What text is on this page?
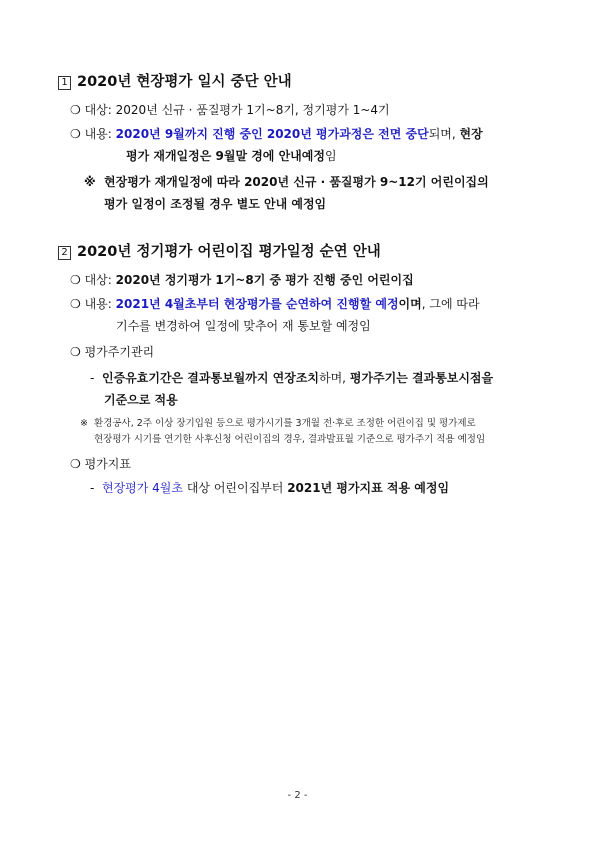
1 2020년 현장평가 일시 중단 안내
❍ 대상: 2020년 신규 · 품질평가 1기~8기, 정기평가 1~4기
❍ 내용: 2020년 9월까지 진행 중인 2020년 평가과정은 전면 중단되며, 현장
평가 재개일정은 9월말 경에 안내예정임
※ 현장평가 재개일정에 따라 2020년 신규 · 품질평가 9~12기 어린이집의
평가 일정이 조정될 경우 별도 안내 예정임
2 2020년 정기평가 어린이집 평가일정 순연 안내
❍ 대상: 2020년 정기평가 1기~8기 중 평가 진행 중인 어린이집
❍ 내용: 2021년 4월초부터 현장평가를 순연하여 진행할 예정이며, 그에 따라
기수를 변경하여 일정에 맞추어 재 통보할 예정임
❍ 평가주기관리
- 인증유효기간은 결과통보월까지 연장조치하며, 평가주기는 결과통보시점을
기준으로 적용
※ 환경공사, 2주 이상 장기입원 등으로 평가시기를 3개월 전·후로 조정한 어린이집 및 평가제로
현장평가 시기를 연기한 사후신청 어린이집의 경우, 결과발표월 기준으로 평가주기 적용 예정임
❍ 평가지표
- 현장평가 4월초 대상 어린이집부터 2021년 평가지표 적용 예정임
- 2 -
